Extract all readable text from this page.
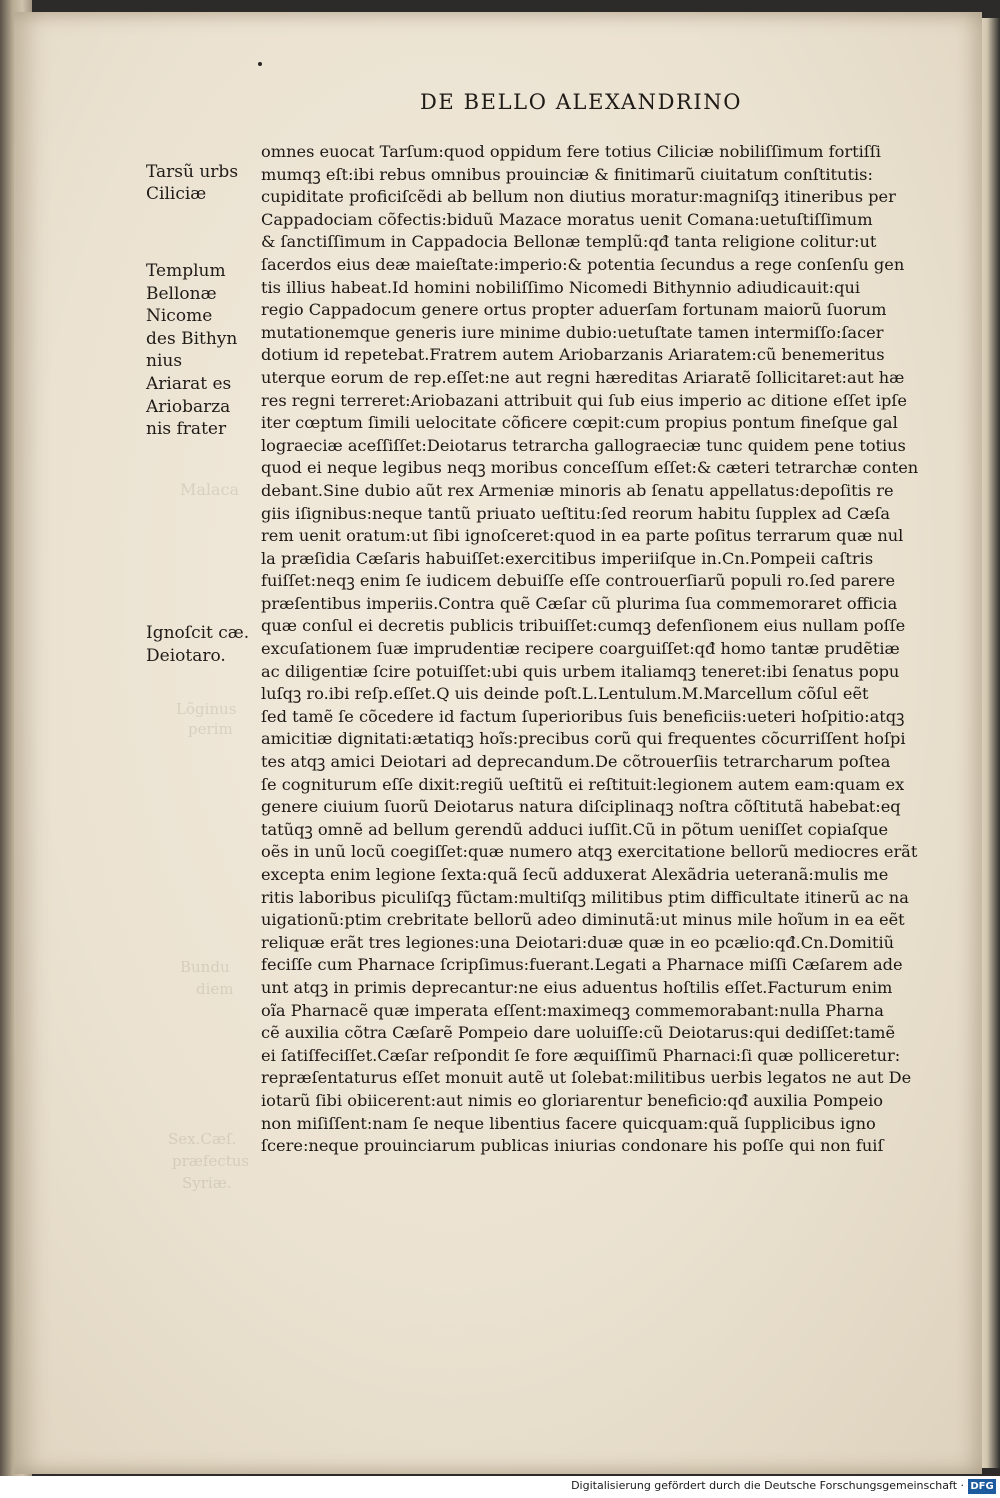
DE BELLO ALEXANDRINO
Malaca
Lõginus
perim
Bundu
diem
Sex.Cæſ.
præfectus
Syriæ.
Tarsũ urbs
Ciliciæ
Templum
Bellonæ
Nicome
des Bithyn
nius
Ariarat es
Ariobarza
nis frater
Ignoſcit cæ.
Deiotaro.
omnes euocat Tarſum:quod oppidum fere totius Ciliciæ nobiliſſimum fortiſſi
mumqꝫ eſt:ibi rebus omnibus prouinciæ & finitimarũ ciuitatum conſtitutis:
cupiditate proficiſcẽdi ab bellum non diutius moratur:magniſqꝫ itineribus per
Cappadociam cõfectis:biduũ Mazace moratus uenit Comana:uetuſtiſſimum
& ſanctiſſimum in Cappadocia Bellonæ templũ:qđ tanta religione colitur:ut
ſacerdos eius deæ maieſtate:imperio:& potentia ſecundus a rege conſenſu gen
tis illius habeat.Id homini nobiliſſimo Nicomedi Bithynnio adiudicauit:qui
regio Cappadocum genere ortus propter aduerſam fortunam maiorũ ſuorum
mutationemque generis iure minime dubio:uetuſtate tamen intermiſſo:ſacer
dotium id repetebat.Fratrem autem Ariobarzanis Ariaratem:cũ benemeritus
uterque eorum de rep.eſſet:ne aut regni hæreditas Ariaratẽ ſollicitaret:aut hæ
res regni terreret:Ariobazani attribuit qui ſub eius imperio ac ditione eſſet ipſe
iter cœptum ſimili uelocitate cõficere cœpit:cum propius pontum fineſque gal
lograeciæ aceſſiſſet:Deiotarus tetrarcha gallograeciæ tunc quidem pene totius
quod ei neque legibus neqꝫ moribus conceſſum eſſet:& cæteri tetrarchæ conten
debant.Sine dubio aũt rex Armeniæ minoris ab ſenatu appellatus:depoſitis re
giis iſignibus:neque tantũ priuato ueſtitu:ſed reorum habitu ſupplex ad Cæſa
rem uenit oratum:ut ſibi ignoſceret:quod in ea parte poſitus terrarum quæ nul
la præſidia Cæſaris habuiſſet:exercitibus imperiiſque in.Cn.Pompeii caſtris
fuiſſet:neqꝫ enim ſe iudicem debuiſſe eſſe controuerſiarũ populi ro.ſed parere
præſentibus imperiis.Contra quẽ Cæſar cũ plurima ſua commemoraret officia
quæ conſul ei decretis publicis tribuiſſet:cumqꝫ defenſionem eius nullam poſſe
excuſationem ſuæ imprudentiæ recipere coarguiſſet:qđ homo tantæ prudẽtiæ
ac diligentiæ ſcire potuiſſet:ubi quis urbem italiamqꝫ teneret:ibi ſenatus popu
luſqꝫ ro.ibi reſp.eſſet.Q uis deinde poſt.L.Lentulum.M.Marcellum cõſul eẽt
ſed tamẽ ſe cõcedere id factum ſuperioribus ſuis beneficiis:ueteri hoſpitio:atqꝫ
amicitiæ dignitati:ætatiqꝫ hoĩs:precibus corũ qui frequentes cõcurriſſent hoſpi
tes atqꝫ amici Deiotari ad deprecandum.De cõtrouerſiis tetrarcharum poſtea
ſe cogniturum eſſe dixit:regiũ ueſtitũ ei reſtituit:legionem autem eam:quam ex
genere ciuium ſuorũ Deiotarus natura diſciplinaqꝫ noſtra cõſtitutã habebat:eq
tatũqꝫ omnẽ ad bellum gerendũ adduci iuſſit.Cũ in põtum ueniſſet copiaſque
oẽs in unũ locũ coegiſſet:quæ numero atqꝫ exercitatione bellorũ mediocres erãt
excepta enim legione ſexta:quã ſecũ adduxerat Alexãdria ueteranã:mulis me
ritis laboribus piculiſqꝫ fũctam:multiſqꝫ militibus ptim difficultate itinerũ ac na
uigationũ:ptim crebritate bellorũ adeo diminutã:ut minus mile hoĩum in ea eẽt
reliquæ erãt tres legiones:una Deiotari:duæ quæ in eo pcælio:qđ.Cn.Domitiũ
feciſſe cum Pharnace ſcripſimus:fuerant.Legati a Pharnace miſſi Cæſarem ade
unt atqꝫ in primis deprecantur:ne eius aduentus hoſtilis eſſet.Facturum enim
oĩa Pharnacẽ quæ imperata eſſent:maximeqꝫ commemorabant:nulla Pharna
cẽ auxilia cõtra Cæſarẽ Pompeio dare uoluiſſe:cũ Deiotarus:qui dediſſet:tamẽ
ei ſatiſfeciſſet.Cæſar reſpondit ſe fore æquiſſimũ Pharnaci:ſi quæ polliceretur:
repræſentaturus eſſet monuit autẽ ut ſolebat:militibus uerbis legatos ne aut De
iotarũ ſibi obiicerent:aut nimis eo gloriarentur beneficio:qđ auxilia Pompeio
non miſiſſent:nam ſe neque libentius facere quicquam:quã ſupplicibus igno
ſcere:neque prouinciarum publicas iniurias condonare his poſſe qui non fuiſ
Digitalisierung gefördert durch die Deutsche Forschungsgemeinschaft · DFG
